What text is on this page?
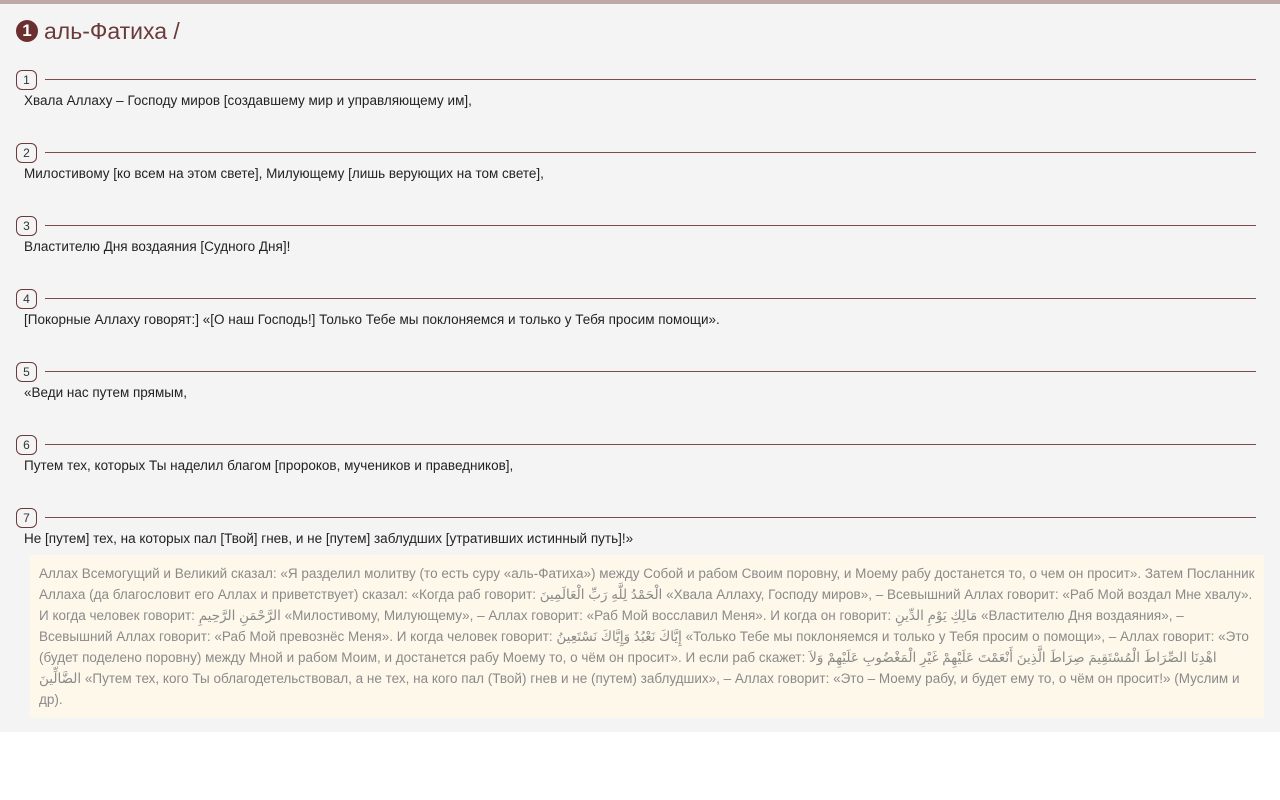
1 аль-Фатиха /
1
Хвала Аллаху – Господу миров [создавшему мир и управляющему им],
2
Милостивому [ко всем на этом свете], Милующему [лишь верующих на том свете],
3
Властителю Дня воздаяния [Судного Дня]!
4
[Покорные Аллаху говорят:] «[О наш Господь!] Только Тебе мы поклоняемся и только у Тебя просим помощи».
5
«Веди нас путем прямым,
6
Путем тех, которых Ты наделил благом [пророков, мучеников и праведников],
7
Не [путем] тех, на которых пал [Твой] гнев, и не [путем] заблудших [утративших истинный путь]!»

Аллах Всемогущий и Великий сказал: «Я разделил молитву (то есть суру «аль-Фатиха») между Собой и рабом Своим поровну, и Моему рабу достанется то, о чем он просит». Затем Посланник Аллаха (да благословит его Аллах и приветствует) сказал: «Когда раб говорит: الْحَمْدُ لِلَّهِ رَبِّ الْعَالَمِينَ «Хвала Аллаху, Господу миров», – Всевышний Аллах говорит: «Раб Мой воздал Мне хвалу». И когда человек говорит: الرَّحْمَنِ الرَّحِيمِ «Милостивому, Милующему», – Аллах говорит: «Раб Мой восславил Меня». И когда он говорит: مَالِكِ يَوْمِ الدِّينِ «Властителю Дня воздаяния», – Всевышний Аллах говорит: «Раб Мой превознёс Меня». И когда человек говорит: إِيَّاكَ نَعْبُدُ وَإِيَّاكَ نَسْتَعِينُ «Только Тебе мы поклоняемся и только у Тебя просим о помощи», – Аллах говорит: «Это (будет поделено поровну) между Мной и рабом Моим, и достанется рабу Моему то, о чём он просит». И если раб скажет: اهْدِنَا الصِّرَاطَ الْمُسْتَقِيمَ صِرَاطَ الَّذِينَ أَنْعَمْتَ عَلَيْهِمْ غَيْرِ الْمَغْضُوبِ عَلَيْهِمْ وَلاَ الضَّالِّينَ «Путем тех, кого Ты облагодетельствовал, а не тех, на кого пал (Твой) гнев и не (путем) заблудших», – Аллах говорит: «Это – Моему рабу, и будет ему то, о чём он просит!» (Муслим и др).
